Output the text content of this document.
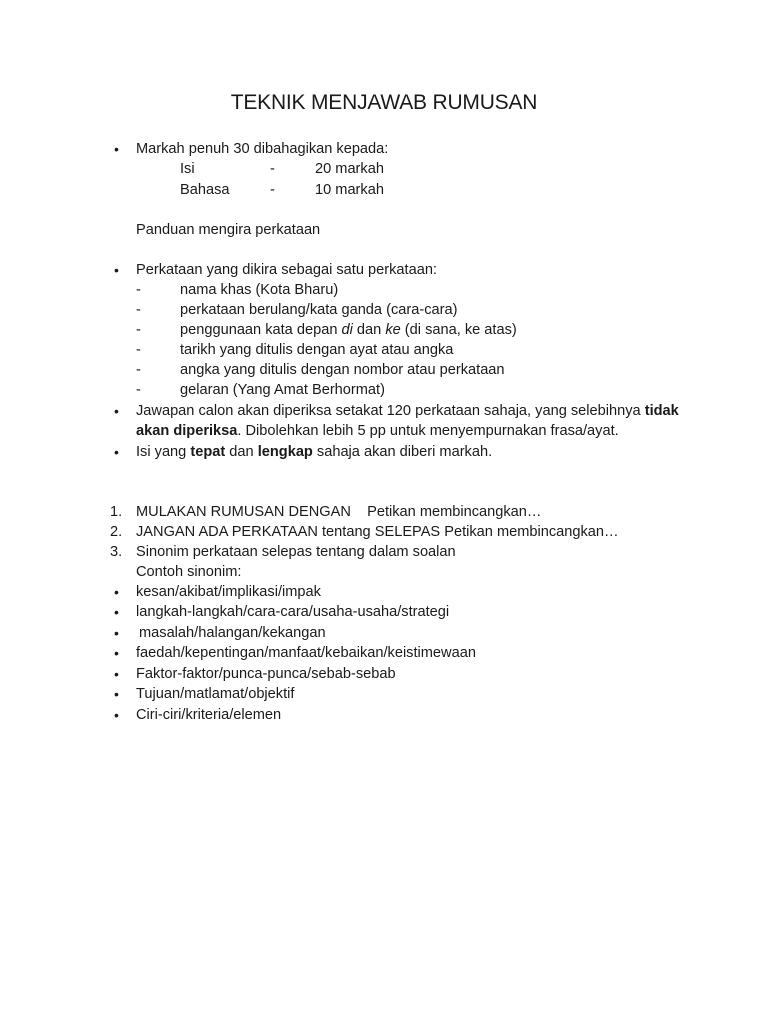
TEKNIK MENJAWAB RUMUSAN
•	Markah penuh 30 dibahagikan kepada:
Isi	-	20 markah
Bahasa	-	10 markah
Panduan mengira perkataan
•	Perkataan yang dikira sebagai satu perkataan:
-	nama khas (Kota Bharu)
-	perkataan berulang/kata ganda (cara-cara)
-	penggunaan kata depan di dan ke (di sana, ke atas)
-	tarikh yang ditulis dengan ayat atau angka
-	angka yang ditulis dengan nombor atau perkataan
-	gelaran (Yang Amat Berhormat)
•	Jawapan calon akan diperiksa setakat 120 perkataan sahaja, yang selebihnya tidak
akan diperiksa. Dibolehkan lebih 5 pp untuk menyempurnakan frasa/ayat.
•	Isi yang tepat dan lengkap sahaja akan diberi markah.
1. MULAKAN RUMUSAN DENGAN    Petikan membincangkan…
2. JANGAN ADA PERKATAAN tentang SELEPAS Petikan membincangkan…
3. Sinonim perkataan selepas tentang dalam soalan
Contoh sinonim:
•	kesan/akibat/implikasi/impak
•	langkah-langkah/cara-cara/usaha-usaha/strategi
•	masalah/halangan/kekangan
•	faedah/kepentingan/manfaat/kebaikan/keistimewaan
•	Faktor-faktor/punca-punca/sebab-sebab
•	Tujuan/matlamat/objektif
•	Ciri-ciri/kriteria/elemen
